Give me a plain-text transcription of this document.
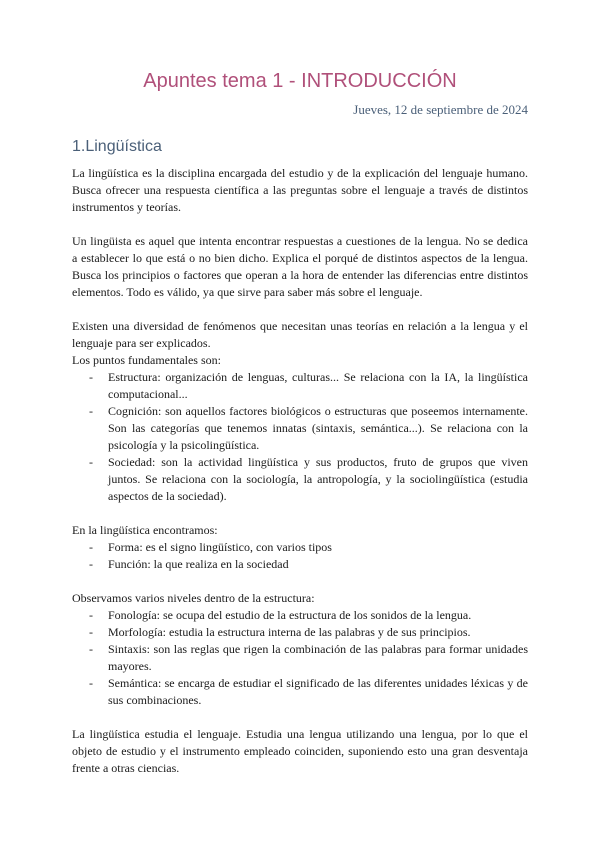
Apuntes tema 1 - INTRODUCCIÓN
Jueves, 12 de septiembre de 2024
1.Lingüística

La lingüística es la disciplina encargada del estudio y de la explicación del lenguaje humano. Busca ofrecer una respuesta científica a las preguntas sobre el lenguaje a través de distintos instrumentos y teorías.

Un lingüista es aquel que intenta encontrar respuestas a cuestiones de la lengua. No se dedica a establecer lo que está o no bien dicho. Explica el porqué de distintos aspectos de la lengua. Busca los principios o factores que operan a la hora de entender las diferencias entre distintos elementos. Todo es válido, ya que sirve para saber más sobre el lenguaje.

Existen una diversidad de fenómenos que necesitan unas teorías en relación a la lengua y el lenguaje para ser explicados.

Los puntos fundamentales son:

- Estructura: organización de lenguas, culturas... Se relaciona con la IA, la lingüística computacional...
- Cognición: son aquellos factores biológicos o estructuras que poseemos internamente. Son las categorías que tenemos innatas (sintaxis, semántica...). Se relaciona con la psicología y la psicolingüística.
- Sociedad: son la actividad lingüística y sus productos, fruto de grupos que viven juntos. Se relaciona con la sociología, la antropología, y la sociolingüística (estudia aspectos de la sociedad).

En la lingüística encontramos:

- Forma: es el signo lingüístico, con varios tipos
- Función: la que realiza en la sociedad

Observamos varios niveles dentro de la estructura:

- Fonología: se ocupa del estudio de la estructura de los sonidos de la lengua.
- Morfología: estudia la estructura interna de las palabras y de sus principios.
- Sintaxis: son las reglas que rigen la combinación de las palabras para formar unidades mayores.
- Semántica: se encarga de estudiar el significado de las diferentes unidades léxicas y de sus combinaciones.

La lingüística estudia el lenguaje. Estudia una lengua utilizando una lengua, por lo que el objeto de estudio y el instrumento empleado coinciden, suponiendo esto una gran desventaja frente a otras ciencias.
